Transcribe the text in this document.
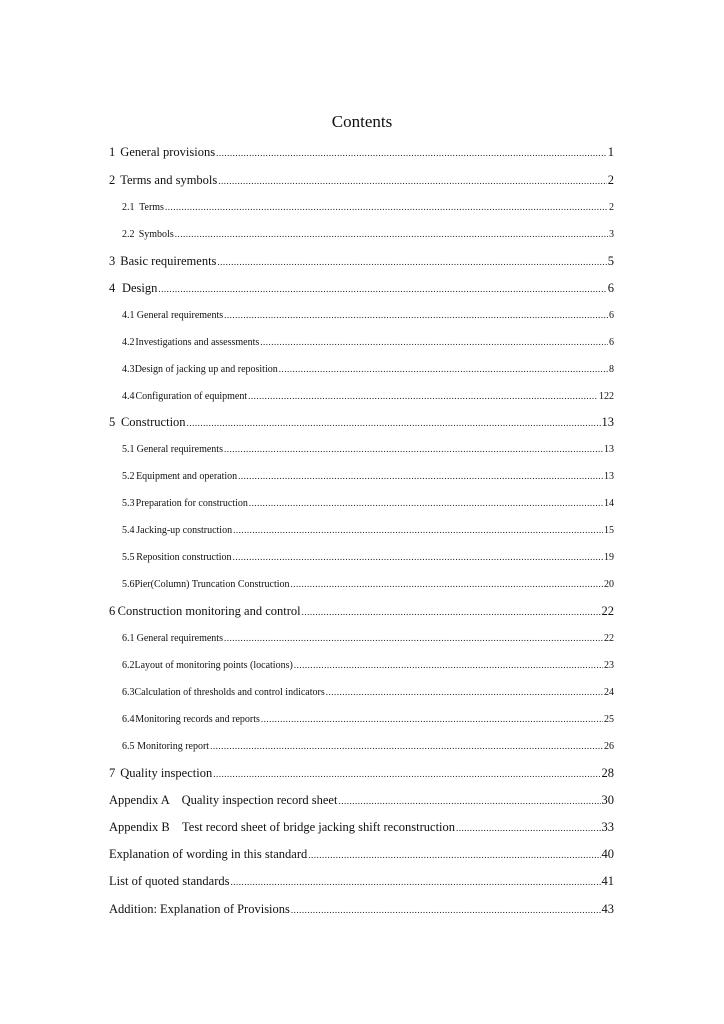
Contents
1 General provisions .....	1
2 Terms and symbols .....	2
2.1 Terms .....	2
2.2 Symbols .....	3
3 Basic requirements .....	5
4 Design .....	6
4.1 General requirements .....	6
4.2 Investigations and assessments .....	6
4.3 Design of jacking up and reposition .....	8
4.4 Configuration of equipment .....	122
5 Construction .....	13
5.1 General requirements .....	13
5.2 Equipment and operation .....	13
5.3 Preparation for construction .....	14
5.4 Jacking-up construction .....	15
5.5 Reposition construction .....	19
5.6 Pier(Column) Truncation Construction .....	20
6 Construction monitoring and control .....	22
6.1 General requirements .....	22
6.2 Layout of monitoring points (locations) .....	23
6.3 Calculation of thresholds and control indicators .....	24
6.4 Monitoring records and reports .....	25
6.5 Monitoring report .....	26
7 Quality inspection .....	28
Appendix A    Quality inspection record sheet .....	30
Appendix B    Test record sheet of bridge jacking shift reconstruction .....	33
Explanation of wording in this standard .....	40
List of quoted standards .....	41
Addition: Explanation of Provisions .....	43
